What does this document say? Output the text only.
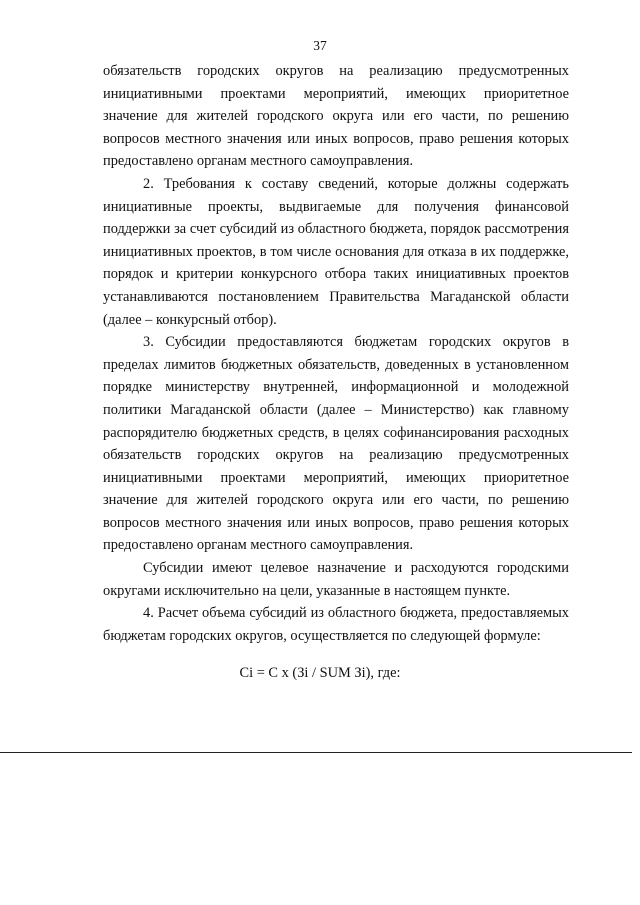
37

обязательств городских округов на реализацию предусмотренных инициативными проектами мероприятий, имеющих приоритетное значение для жителей городского округа или его части, по решению вопросов местного значения или иных вопросов, право решения которых предоставлено органам местного самоуправления.

2. Требования к составу сведений, которые должны содержать инициативные проекты, выдвигаемые для получения финансовой поддержки за счет субсидий из областного бюджета, порядок рассмотрения инициативных проектов, в том числе основания для отказа в их поддержке, порядок и критерии конкурсного отбора таких инициативных проектов устанавливаются постановлением Правительства Магаданской области (далее – конкурсный отбор).

3. Субсидии предоставляются бюджетам городских округов в пределах лимитов бюджетных обязательств, доведенных в установленном порядке министерству внутренней, информационной и молодежной политики Магаданской области (далее – Министерство) как главному распорядителю бюджетных средств, в целях софинансирования расходных обязательств городских округов на реализацию предусмотренных инициативными проектами мероприятий, имеющих приоритетное значение для жителей городского округа или его части, по решению вопросов местного значения или иных вопросов, право решения которых предоставлено органам местного самоуправления.

Субсидии имеют целевое назначение и расходуются городскими округами исключительно на цели, указанные в настоящем пункте.

4. Расчет объема субсидий из областного бюджета, предоставляемых бюджетам городских округов, осуществляется по следующей формуле:

Ci = C x (Зi / SUM Зi), где:
